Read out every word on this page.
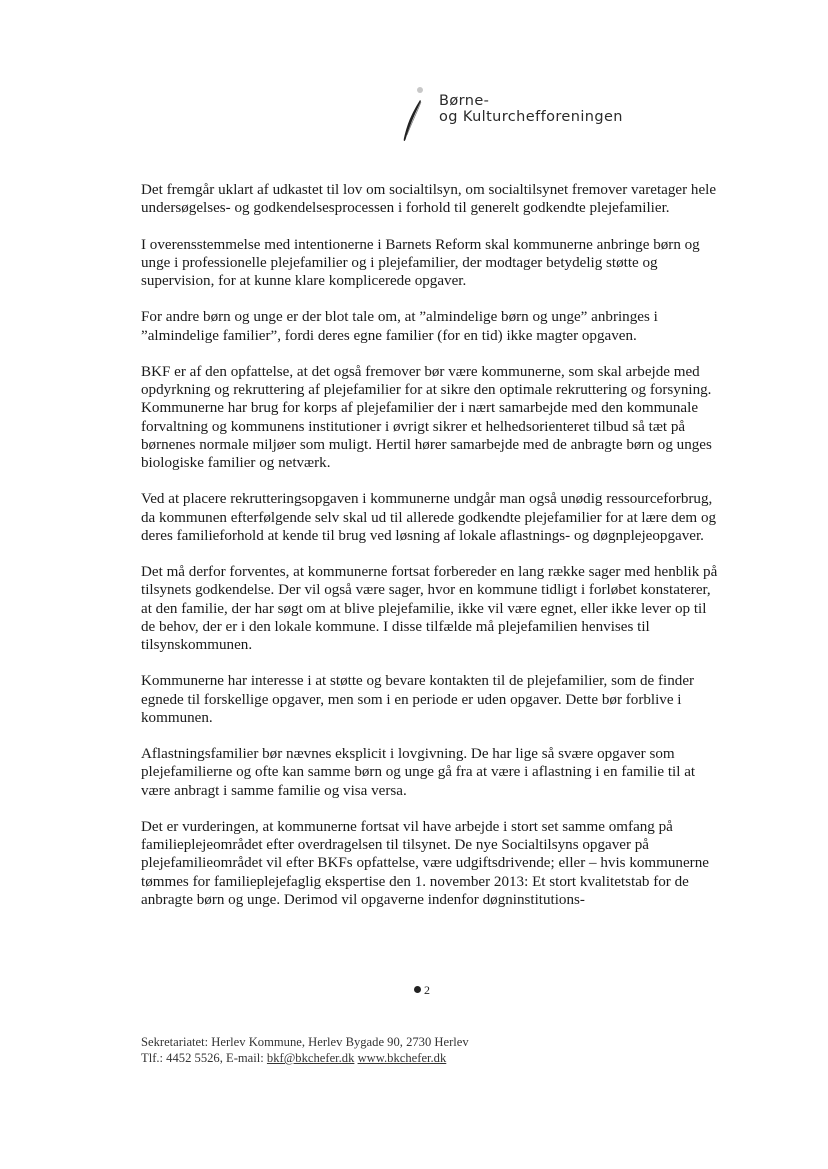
Børne-
og Kulturchefforeningen

Det fremgår uklart af udkastet til lov om socialtilsyn, om socialtilsynet fremover varetager hele undersøgelses- og godkendelsesprocessen i forhold til generelt godkendte plejefamilier.

I overensstemmelse med intentionerne i Barnets Reform skal kommunerne anbringe børn og unge i professionelle plejefamilier og i plejefamilier, der modtager betydelig støtte og supervision, for at kunne klare komplicerede opgaver.

For andre børn og unge er der blot tale om, at ”almindelige børn og unge” anbringes i ”almindelige familier”, fordi deres egne familier (for en tid) ikke magter opgaven.

BKF er af den opfattelse, at det også fremover bør være kommunerne, som skal arbejde med opdyrkning og rekruttering af plejefamilier for at sikre den optimale rekruttering og forsyning. Kommunerne har brug for korps af plejefamilier der i nært samarbejde med den kommunale forvaltning og kommunens institutioner i øvrigt sikrer et helhedsorienteret tilbud så tæt på børnenes normale miljøer som muligt. Hertil hører samarbejde med de anbragte børn og unges biologiske familier og netværk.

Ved at placere rekrutteringsopgaven i kommunerne undgår man også unødig ressourceforbrug, da kommunen efterfølgende selv skal ud til allerede godkendte plejefamilier for at lære dem og deres familieforhold at kende til brug ved løsning af lokale aflastnings- og døgnplejeopgaver.

Det må derfor forventes, at kommunerne fortsat forbereder en lang række sager med henblik på tilsynets godkendelse. Der vil også være sager, hvor en kommune tidligt i forløbet konstaterer, at den familie, der har søgt om at blive plejefamilie, ikke vil være egnet, eller ikke lever op til de behov, der er i den lokale kommune. I disse tilfælde må plejefamilien henvises til tilsynskommunen.

Kommunerne har interesse i at støtte og bevare kontakten til de plejefamilier, som de finder egnede til forskellige opgaver, men som i en periode er uden opgaver. Dette bør forblive i kommunen.

Aflastningsfamilier bør nævnes eksplicit i lovgivning. De har lige så svære opgaver som plejefamilierne og ofte kan samme børn og unge gå fra at være i aflastning i en familie til at være anbragt i samme familie og visa versa.

Det er vurderingen, at kommunerne fortsat vil have arbejde i stort set samme omfang på familieplejeområdet efter overdragelsen til tilsynet. De nye Socialtilsyns opgaver på plejefamilieområdet vil efter BKFs opfattelse, være udgiftsdrivende; eller – hvis kommunerne tømmes for familieplejefaglig ekspertise den 1. november 2013: Et stort kvalitetstab for de anbragte børn og unge. Derimod vil opgaverne indenfor døgninstitutions-

2
Sekretariatet: Herlev Kommune, Herlev Bygade 90, 2730 Herlev
Tlf.: 4452 5526, E-mail: bkf@bkchefer.dk www.bkchefer.dk
